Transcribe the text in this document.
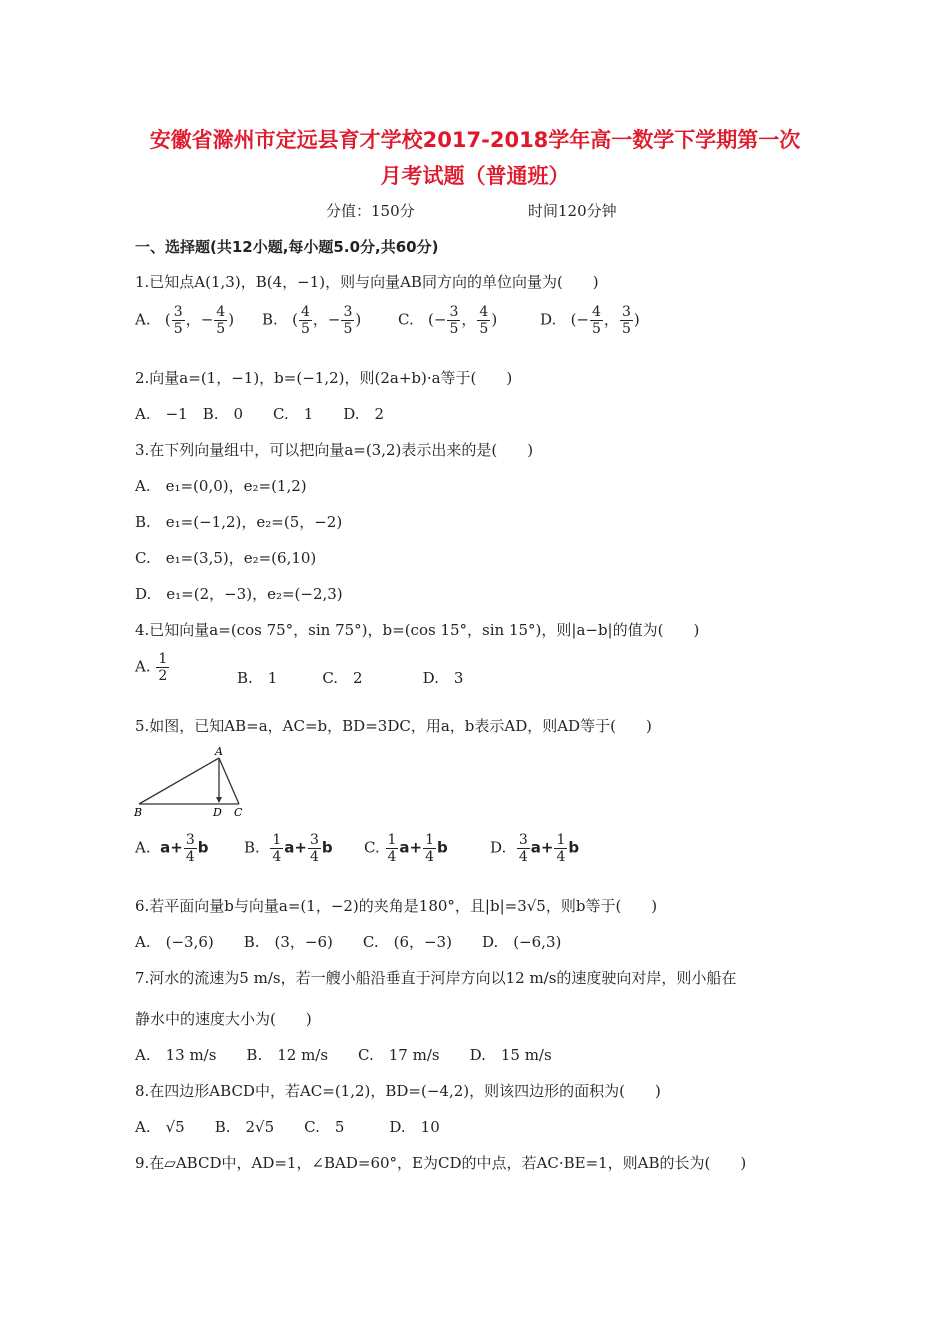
安徽省滁州市定远县育才学校2017-2018学年高一数学下学期第一次
月考试题（普通班）
分值：150分	时间120分钟
一、选择题(共12小题,每小题5.0分,共60分)
1.已知点A(1,3)，B(4，−1)，则与向量AB同方向的单位向量为(　　)
A. ( $\frac{3}{5}$ ，− $\frac{4}{5}$ ) B. ( $\frac{4}{5}$ ，− $\frac{3}{5}$ ) C. (− $\frac{3}{5}$ ， $\frac{4}{5}$ )	D. (− $\frac{4}{5}$ ， $\frac{3}{5}$ )
2.向量a=(1，−1)，b=(−1,2)，则(2a+b)·a等于(　　)
A.　−1　B.　0　　C.　1　　D.　2
3.在下列向量组中，可以把向量a=(3,2)表示出来的是(　　)
A.　e₁=(0,0)，e₂=(1,2)
B.　e₁=(−1,2)，e₂=(5，−2)
C.　e₁=(3,5)，e₂=(6,10)
D.　e₁=(2，−3)，e₂=(−2,3)
4.已知向量a=(cos 75°，sin 75°)，b=(cos 15°，sin 15°)，则|a−b|的值为(　　)
A. $\frac{1}{2}$	B.　1　　　C.　2　　　　D.　3
5.如图，已知AB=a，AC=b，BD=3DC，用a，b表示AD，则AD等于(　　)
A
B	D C
A. $a+ \frac{3}{4}$ b B. $\frac{1}{4} a+ \frac{3}{4}$ b C. $\frac{1}{4} a+ \frac{1}{4}$ b	D. $\frac{3}{4} a+ \frac{1}{4}$ b
6.若平面向量b与向量a=(1，−2)的夹角是180°，且|b|=3√5，则b等于(　　)
A.　(−3,6)　　B.　(3，−6)　　C.　(6，−3)　　D.　(−6,3)
7.河水的流速为5 m/s，若一艘小船沿垂直于河岸方向以12 m/s的速度驶向对岸，则小船在
静水中的速度大小为(　　)
A.　13 m/s　　B.　12 m/s　　C.　17 m/s　　D.　15 m/s
8.在四边形ABCD中，若AC=(1,2)，BD=(−4,2)，则该四边形的面积为(　　)
A.　√5　　B.　2√5　　C.　5　　　D.　10
9.在▱ABCD中，AD=1，∠BAD=60°，E为CD的中点，若AC·BE=1，则AB的长为(　　)
